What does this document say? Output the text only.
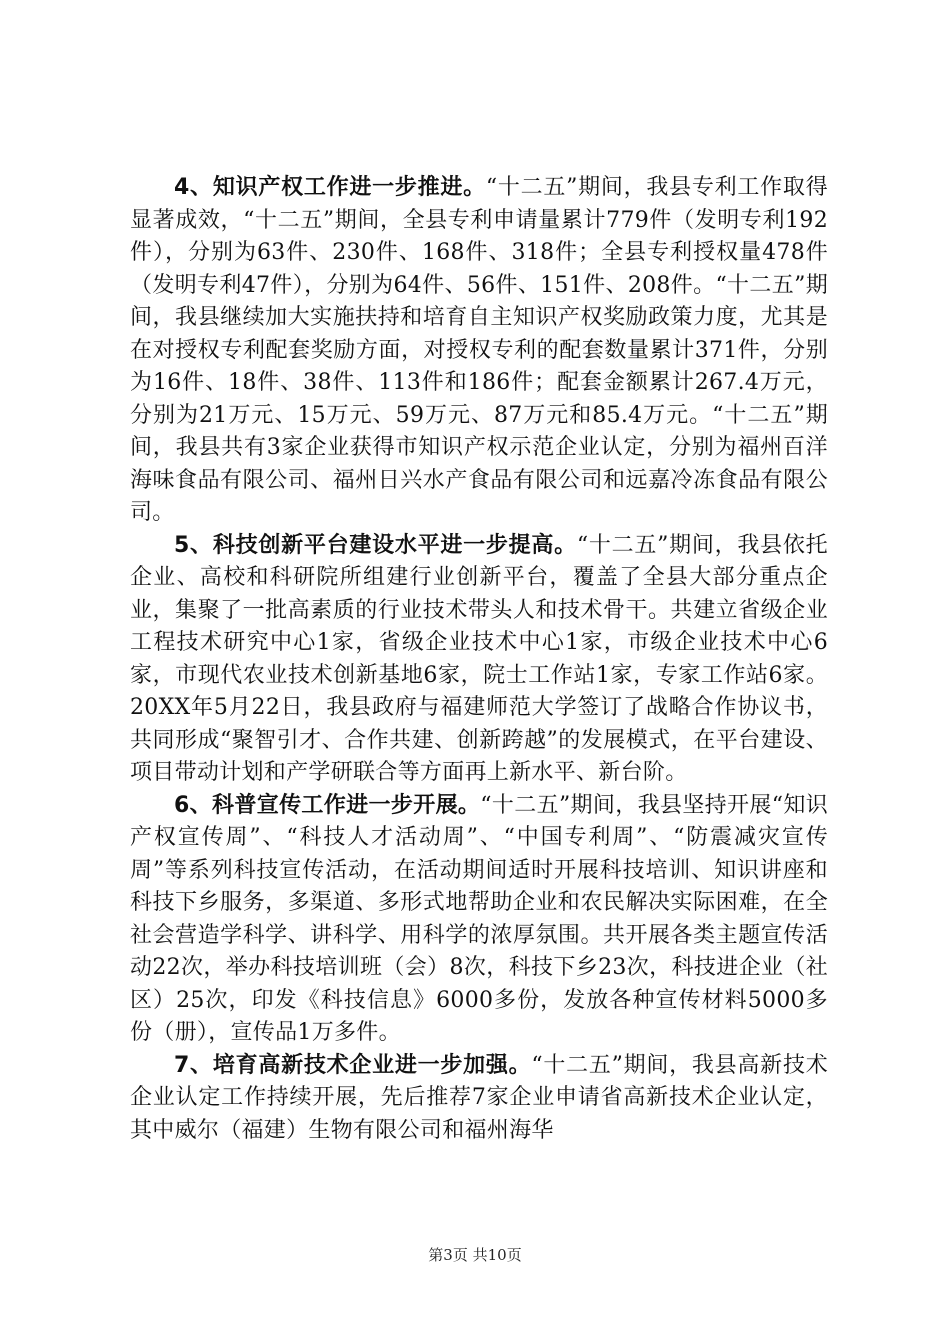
4、知识产权工作进一步推进。“十二五”期间，我县专利工作取得显著成效，“十二五”期间，全县专利申请量累计779件（发明专利192件），分别为63件、230件、168件、318件；全县专利授权量478件（发明专利47件），分别为64件、56件、151件、208件。“十二五”期间，我县继续加大实施扶持和培育自主知识产权奖励政策力度，尤其是在对授权专利配套奖励方面，对授权专利的配套数量累计371件，分别为16件、18件、38件、113件和186件；配套金额累计267.4万元，分别为21万元、15万元、59万元、87万元和85.4万元。“十二五”期间，我县共有3家企业获得市知识产权示范企业认定，分别为福州百洋海味食品有限公司、福州日兴水产食品有限公司和远嘉冷冻食品有限公司。

5、科技创新平台建设水平进一步提高。“十二五”期间，我县依托企业、高校和科研院所组建行业创新平台，覆盖了全县大部分重点企业，集聚了一批高素质的行业技术带头人和技术骨干。共建立省级企业工程技术研究中心1家，省级企业技术中心1家，市级企业技术中心6家，市现代农业技术创新基地6家，院士工作站1家，专家工作站6家。20XX年5月22日，我县政府与福建师范大学签订了战略合作协议书，共同形成“聚智引才、合作共建、创新跨越”的发展模式，在平台建设、项目带动计划和产学研联合等方面再上新水平、新台阶。

6、科普宣传工作进一步开展。“十二五”期间，我县坚持开展“知识产权宣传周”、“科技人才活动周”、“中国专利周”、“防震减灾宣传周”等系列科技宣传活动，在活动期间适时开展科技培训、知识讲座和科技下乡服务，多渠道、多形式地帮助企业和农民解决实际困难，在全社会营造学科学、讲科学、用科学的浓厚氛围。共开展各类主题宣传活动22次，举办科技培训班（会）8次，科技下乡23次，科技进企业（社区）25次，印发《科技信息》6000多份，发放各种宣传材料5000多份（册），宣传品1万多件。

7、培育高新技术企业进一步加强。“十二五”期间，我县高新技术企业认定工作持续开展，先后推荐7家企业申请省高新技术企业认定，其中威尔（福建）生物有限公司和福州海华

第3页 共10页
